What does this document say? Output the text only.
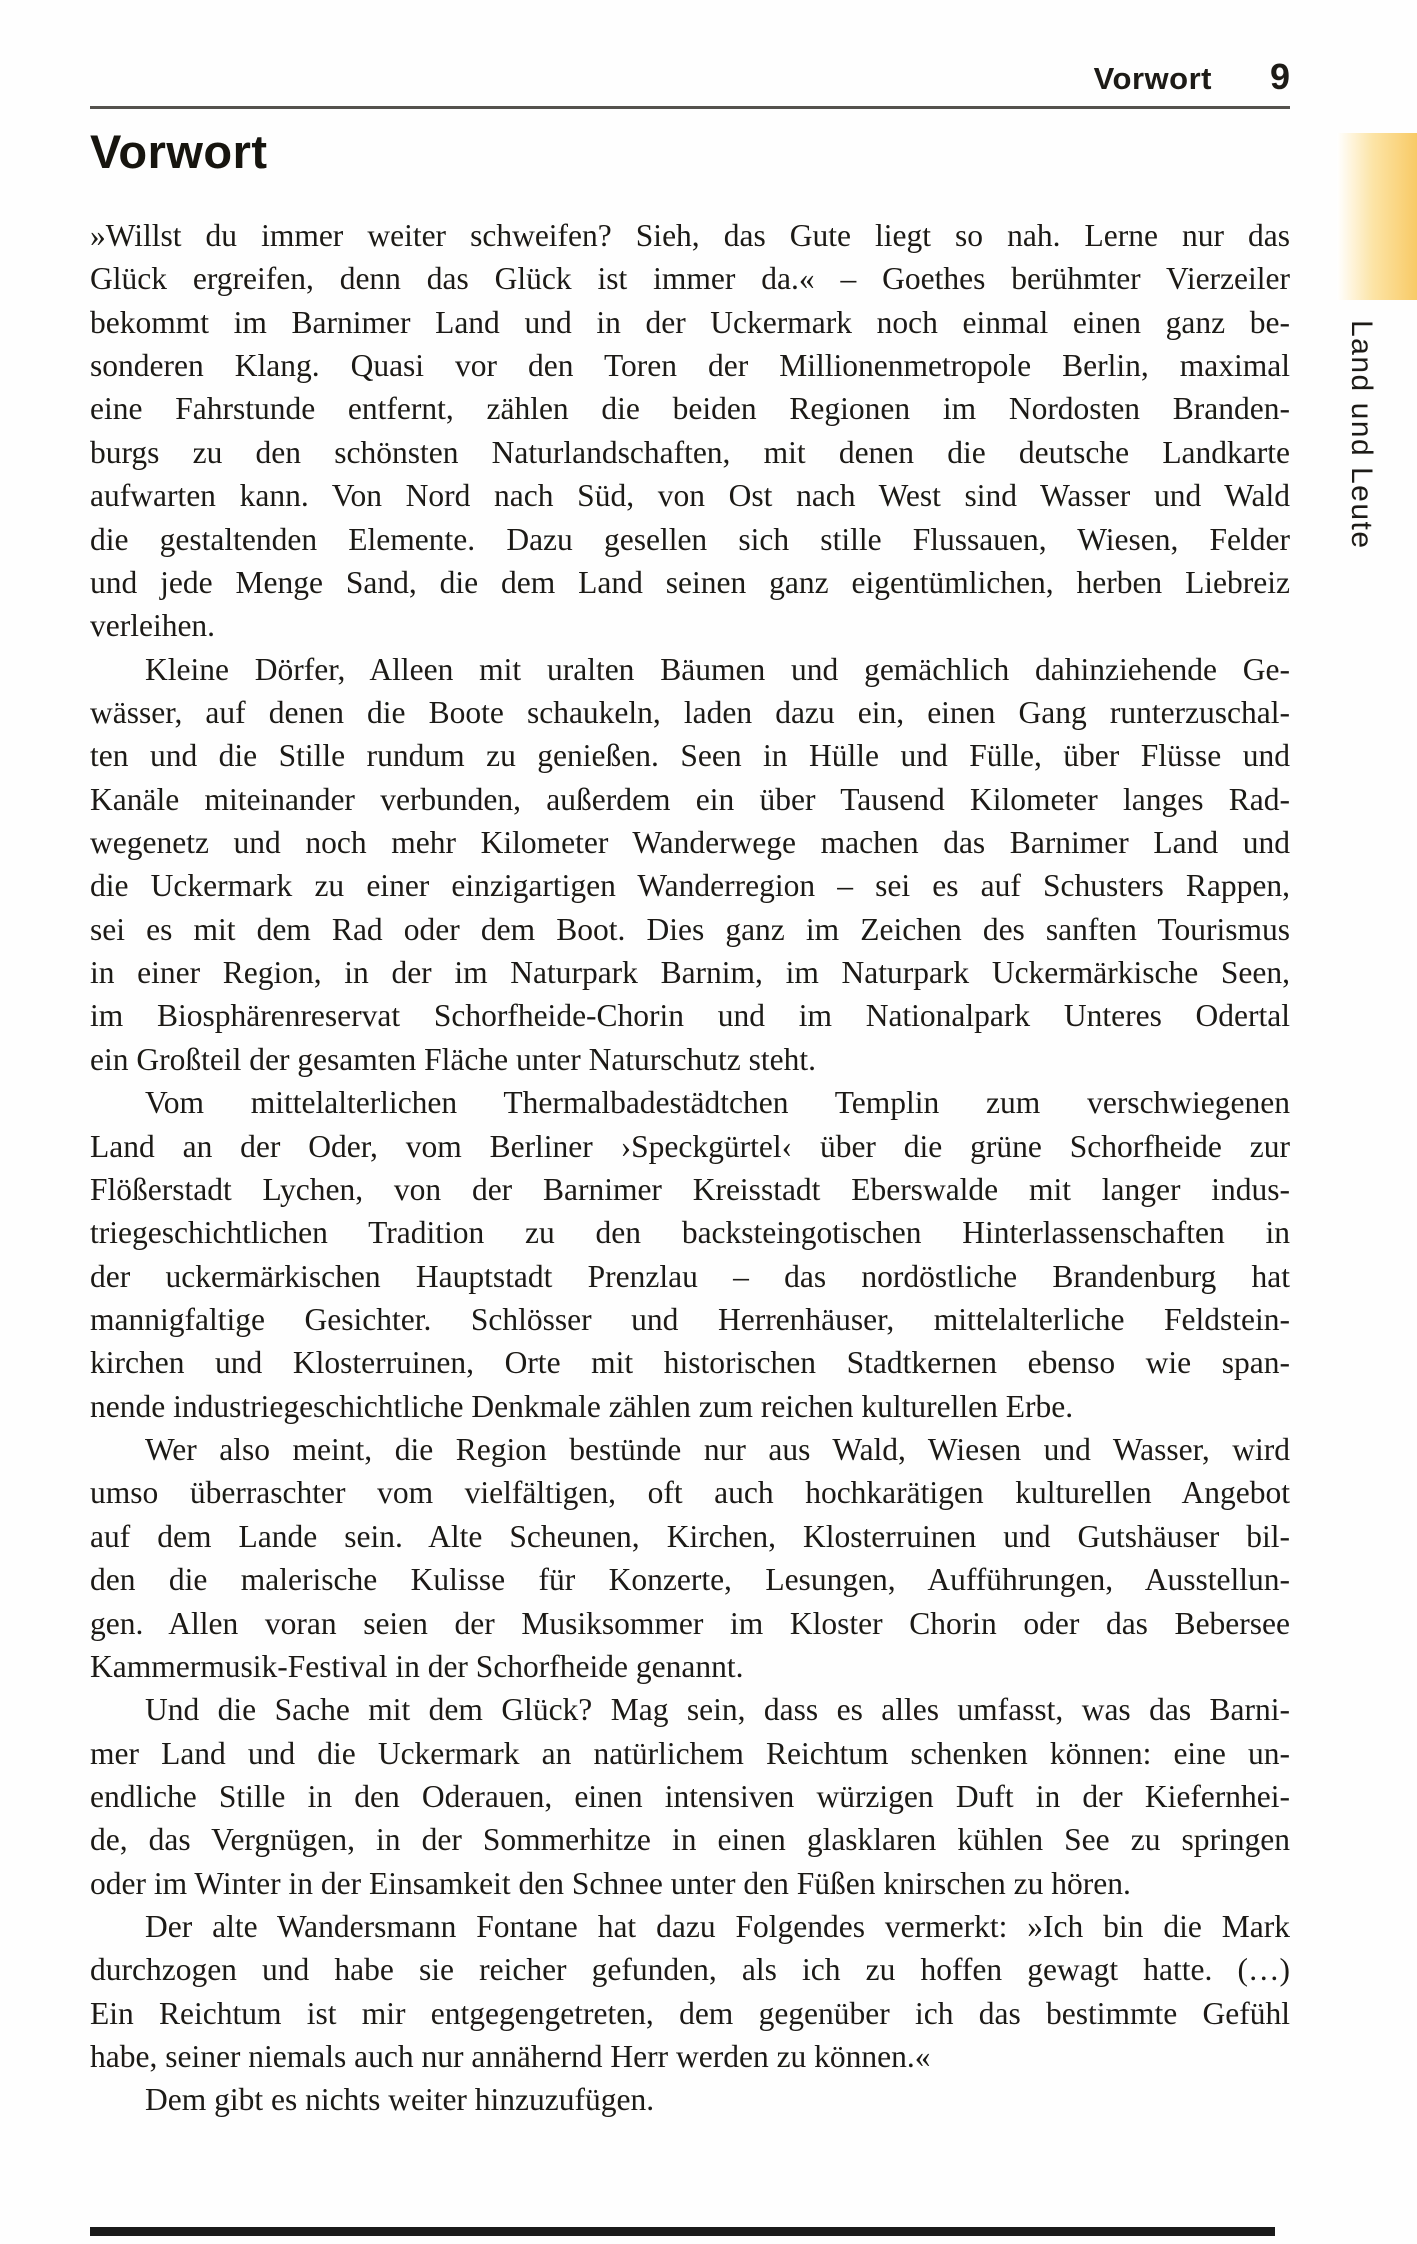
Vorwort 9
Vorwort
Land und Leute
»Willst du immer weiter schweifen? Sieh, das Gute liegt so nah. Lerne nur das
Glück ergreifen, denn das Glück ist immer da.« – Goethes berühmter Vierzeiler
bekommt im Barnimer Land und in der Uckermark noch einmal einen ganz be-
sonderen Klang. Quasi vor den Toren der Millionenmetropole Berlin, maximal
eine Fahrstunde entfernt, zählen die beiden Regionen im Nordosten Branden-
burgs zu den schönsten Naturlandschaften, mit denen die deutsche Landkarte
aufwarten kann. Von Nord nach Süd, von Ost nach West sind Wasser und Wald
die gestaltenden Elemente. Dazu gesellen sich stille Flussauen, Wiesen, Felder
und jede Menge Sand, die dem Land seinen ganz eigentümlichen, herben Liebreiz
verleihen.
Kleine Dörfer, Alleen mit uralten Bäumen und gemächlich dahinziehende Ge-
wässer, auf denen die Boote schaukeln, laden dazu ein, einen Gang runterzuschal-
ten und die Stille rundum zu genießen. Seen in Hülle und Fülle, über Flüsse und
Kanäle miteinander verbunden, außerdem ein über Tausend Kilometer langes Rad-
wegenetz und noch mehr Kilometer Wanderwege machen das Barnimer Land und
die Uckermark zu einer einzigartigen Wanderregion – sei es auf Schusters Rappen,
sei es mit dem Rad oder dem Boot. Dies ganz im Zeichen des sanften Tourismus
in einer Region, in der im Naturpark Barnim, im Naturpark Uckermärkische Seen,
im Biosphärenreservat Schorfheide-Chorin und im Nationalpark Unteres Odertal
ein Großteil der gesamten Fläche unter Naturschutz steht.
Vom mittelalterlichen Thermalbadestädtchen Templin zum verschwiegenen
Land an der Oder, vom Berliner ›Speckgürtel‹ über die grüne Schorfheide zur
Flößerstadt Lychen, von der Barnimer Kreisstadt Eberswalde mit langer indus-
triegeschichtlichen Tradition zu den backsteingotischen Hinterlassenschaften in
der uckermärkischen Hauptstadt Prenzlau – das nordöstliche Brandenburg hat
mannigfaltige Gesichter. Schlösser und Herrenhäuser, mittelalterliche Feldstein-
kirchen und Klosterruinen, Orte mit historischen Stadtkernen ebenso wie span-
nende industriegeschichtliche Denkmale zählen zum reichen kulturellen Erbe.
Wer also meint, die Region bestünde nur aus Wald, Wiesen und Wasser, wird
umso überraschter vom vielfältigen, oft auch hochkarätigen kulturellen Angebot
auf dem Lande sein. Alte Scheunen, Kirchen, Klosterruinen und Gutshäuser bil-
den die malerische Kulisse für Konzerte, Lesungen, Aufführungen, Ausstellun-
gen. Allen voran seien der Musiksommer im Kloster Chorin oder das Bebersee
Kammermusik-Festival in der Schorfheide genannt.
Und die Sache mit dem Glück? Mag sein, dass es alles umfasst, was das Barni-
mer Land und die Uckermark an natürlichem Reichtum schenken können: eine un-
endliche Stille in den Oderauen, einen intensiven würzigen Duft in der Kiefernhei-
de, das Vergnügen, in der Sommerhitze in einen glasklaren kühlen See zu springen
oder im Winter in der Einsamkeit den Schnee unter den Füßen knirschen zu hören.
Der alte Wandersmann Fontane hat dazu Folgendes vermerkt: »Ich bin die Mark
durchzogen und habe sie reicher gefunden, als ich zu hoffen gewagt hatte. (…)
Ein Reichtum ist mir entgegengetreten, dem gegenüber ich das bestimmte Gefühl
habe, seiner niemals auch nur annähernd Herr werden zu können.«
Dem gibt es nichts weiter hinzuzufügen.
